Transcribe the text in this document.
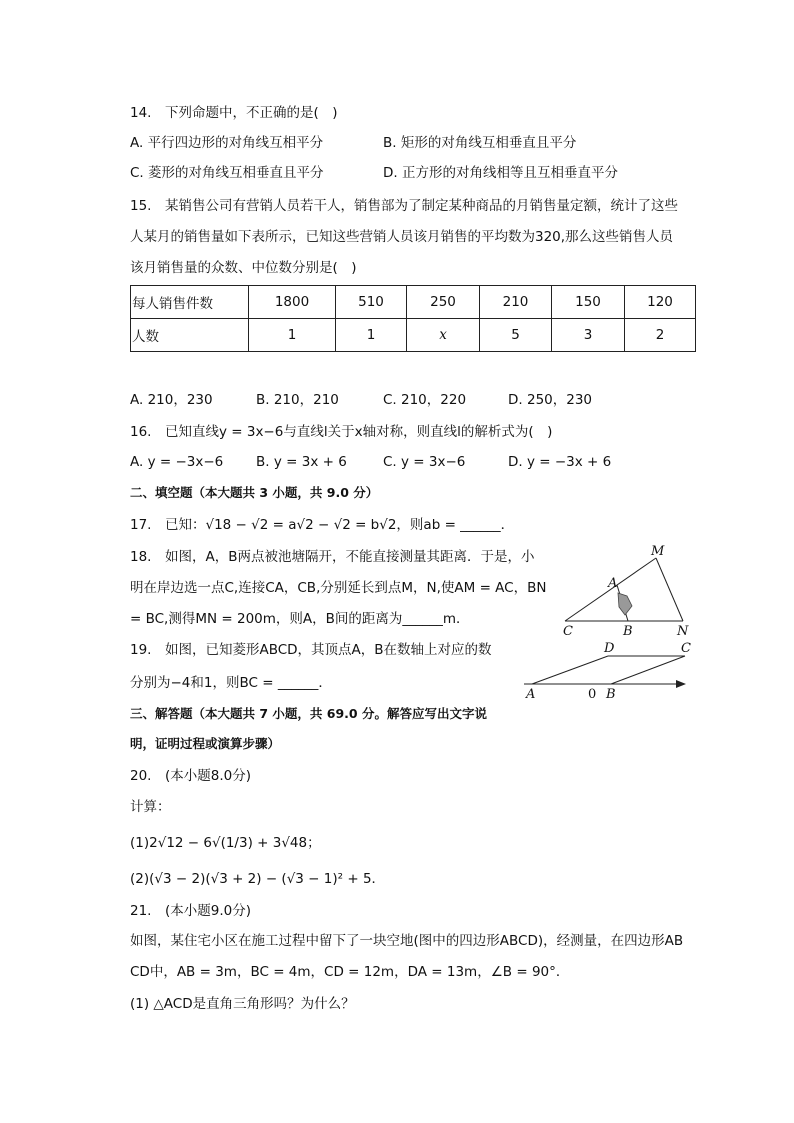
14.　下列命题中，不正确的是(　)
A. 平行四边形的对角线互相平分	B. 矩形的对角线互相垂直且平分
C. 菱形的对角线互相垂直且平分	D. 正方形的对角线相等且互相垂直平分
15.　某销售公司有营销人员若干人，销售部为了制定某种商品的月销售量定额，统计了这些
人某月的销售量如下表所示，已知这些营销人员该月销售的平均数为320,那么这些销售人员
该月销售量的众数、中位数分别是(　)
每人销售件数	1800	510	250	210	150	120
人数	1	1	x	5	3	2
A. 210，230	B. 210，210	C. 210，220	D. 250，230
16.　已知直线y = 3x−6与直线l关于x轴对称，则直线l的解析式为(　)
A. y = −3x−6 B. y = 3x + 6	C. y = 3x−6	D. y = −3x + 6
二、填空题（本大题共 3 小题，共 9.0 分）
17.　已知：√18 − √2 = a√2 − √2 = b√2，则ab = ______．
18.　如图，A，B两点被池塘隔开，不能直接测量其距离．于是，小
明在岸边选一点C,连接CA，CB,分别延长到点M，N,使AM = AC，BN
= BC,测得MN = 200m，则A，B间的距离为______m．
M
A
C	B	N
19.　如图，已知菱形ABCD，其顶点A，B在数轴上对应的数
分别为−4和1，则BC = ______．
D	C
A	0 B
三、解答题（本大题共 7 小题，共 69.0 分。解答应写出文字说
明，证明过程或演算步骤）
20.　(本小题8.0分)
计算：
(1)2√12 − 6√(1/3) + 3√48；
(2)(√3 − 2)(√3 + 2) − (√3 − 1)² + 5．
21.　(本小题9.0分)
如图，某住宅小区在施工过程中留下了一块空地(图中的四边形ABCD)，经测量，在四边形AB
CD中，AB = 3m，BC = 4m，CD = 12m，DA = 13m，∠B = 90°．
(1) △ACD是直角三角形吗？为什么？
